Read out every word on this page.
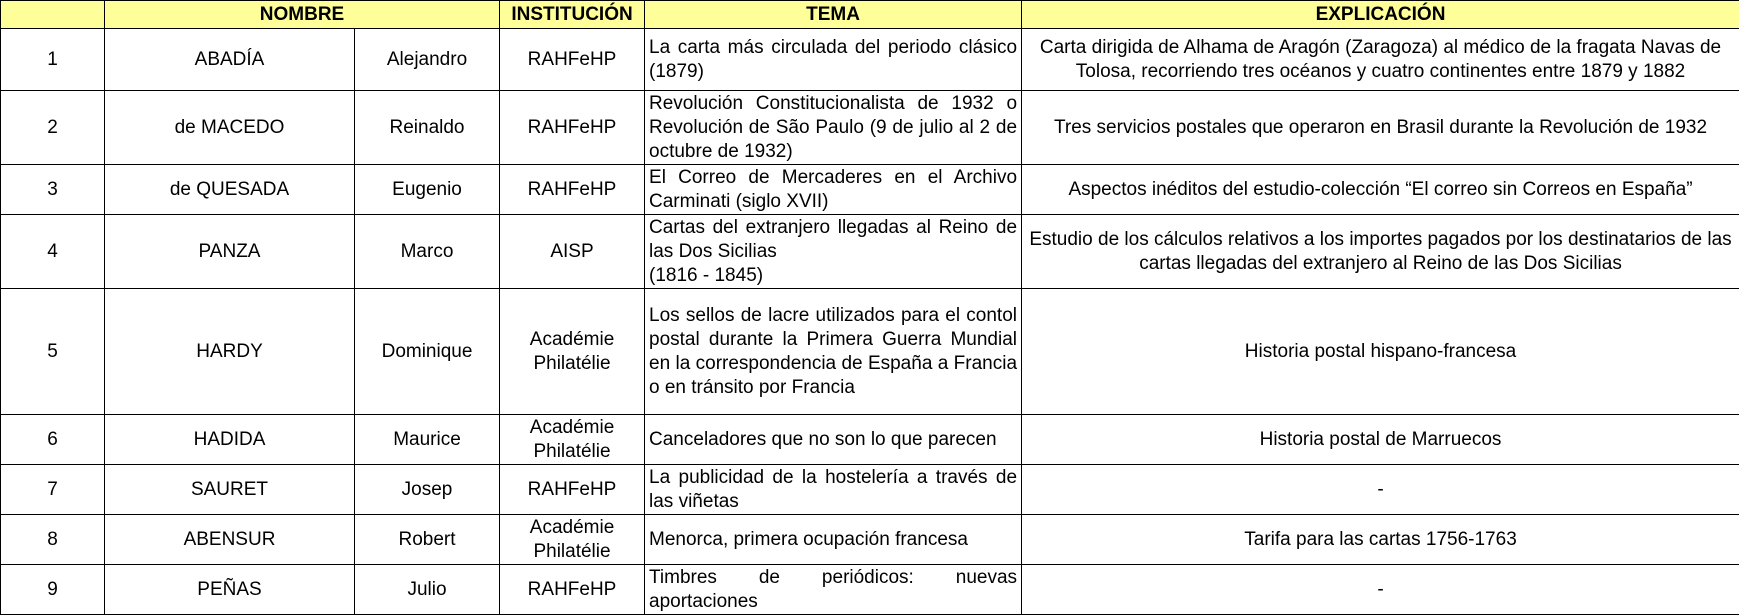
	NOMBRE		INSTITUCIÓN	TEMA	EXPLICACIÓN
1	ABADÍA	Alejandro	RAHFeHP	La carta más circulada del periodo clásico (1879)	Carta dirigida de Alhama de Aragón (Zaragoza) al médico de la fragata Navas de Tolosa, recorriendo tres océanos y cuatro continentes entre 1879 y 1882
2	de MACEDO	Reinaldo	RAHFeHP	Revolución Constitucionalista de 1932 o Revolución de São Paulo (9 de julio al 2 de octubre de 1932)	Tres servicios postales que operaron en Brasil durante la Revolución de 1932
3	de QUESADA	Eugenio	RAHFeHP	El Correo de Mercaderes en el Archivo Carminati (siglo XVII)	Aspectos inéditos del estudio-colección “El correo sin Correos en España”
4	PANZA	Marco	AISP	Cartas del extranjero llegadas al Reino de las Dos Sicilias
(1816 - 1845)	Estudio de los cálculos relativos a los importes pagados por los destinatarios de las cartas llegadas del extranjero al Reino de las Dos Sicilias
5	HARDY	Dominique	Académie Philatélie	Los sellos de lacre utilizados para el contol postal durante la Primera Guerra Mundial en la correspondencia de España a Francia o en tránsito por Francia	Historia postal hispano-francesa
6	HADIDA	Maurice	Académie Philatélie	Canceladores que no son lo que parecen	Historia postal de Marruecos
7	SAURET	Josep	RAHFeHP	La publicidad de la hostelería a través de las viñetas	-
8	ABENSUR	Robert	Académie Philatélie	Menorca, primera ocupación francesa	Tarifa para las cartas 1756-1763
9	PEÑAS	Julio	RAHFeHP	Timbres de periódicos: nuevas aportaciones	-
